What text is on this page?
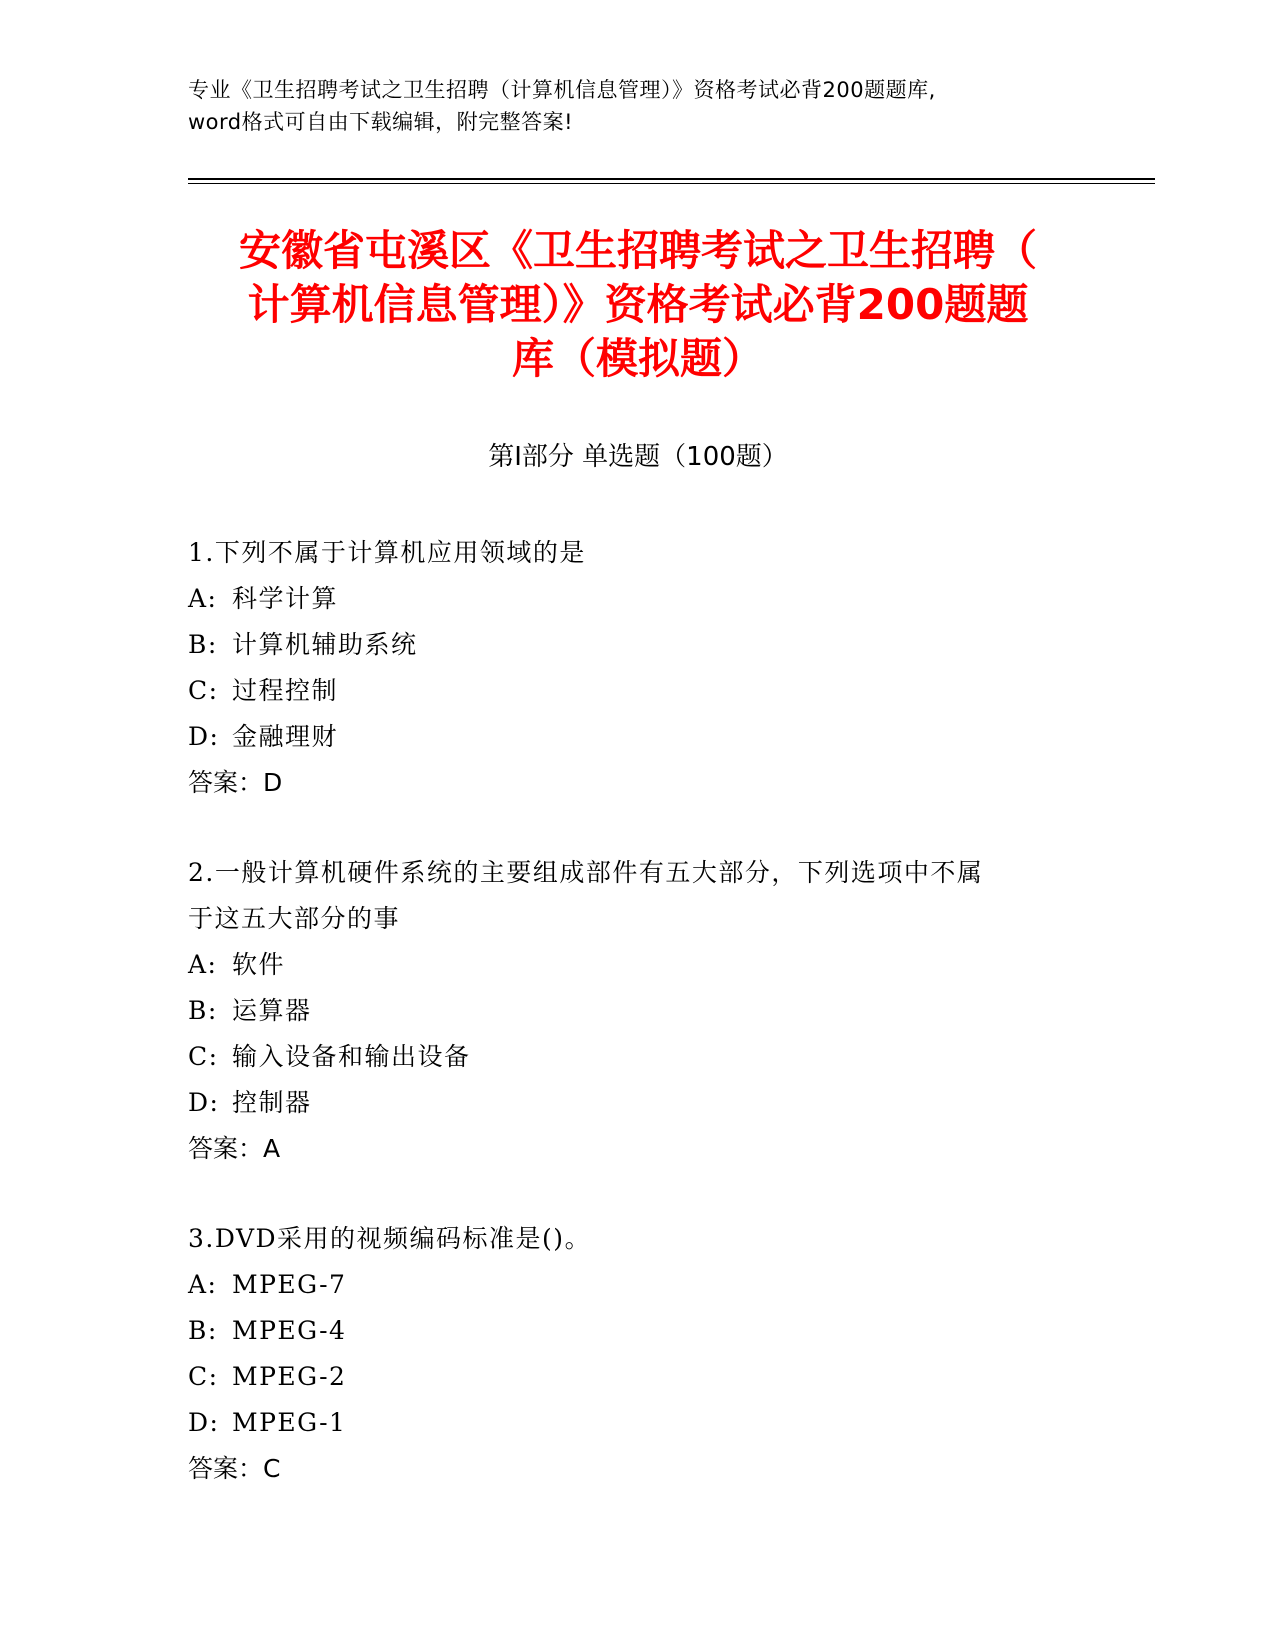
专业《卫生招聘考试之卫生招聘（计算机信息管理）》资格考试必背200题题库,
word格式可自由下载编辑，附完整答案!
安徽省屯溪区《卫生招聘考试之卫生招聘（
计算机信息管理）》资格考试必背200题题
库（模拟题）
第Ⅰ部分 单选题（100题）
1.下列不属于计算机应用领域的是
A: 科学计算
B: 计算机辅助系统
C: 过程控制
D: 金融理财
答案：D
2.一般计算机硬件系统的主要组成部件有五大部分，下列选项中不属
于这五大部分的事
A: 软件
B: 运算器
C: 输入设备和输出设备
D: 控制器
答案：A
3.DVD采用的视频编码标准是()。
A: MPEG-7
B: MPEG-4
C: MPEG-2
D: MPEG-1
答案：C
